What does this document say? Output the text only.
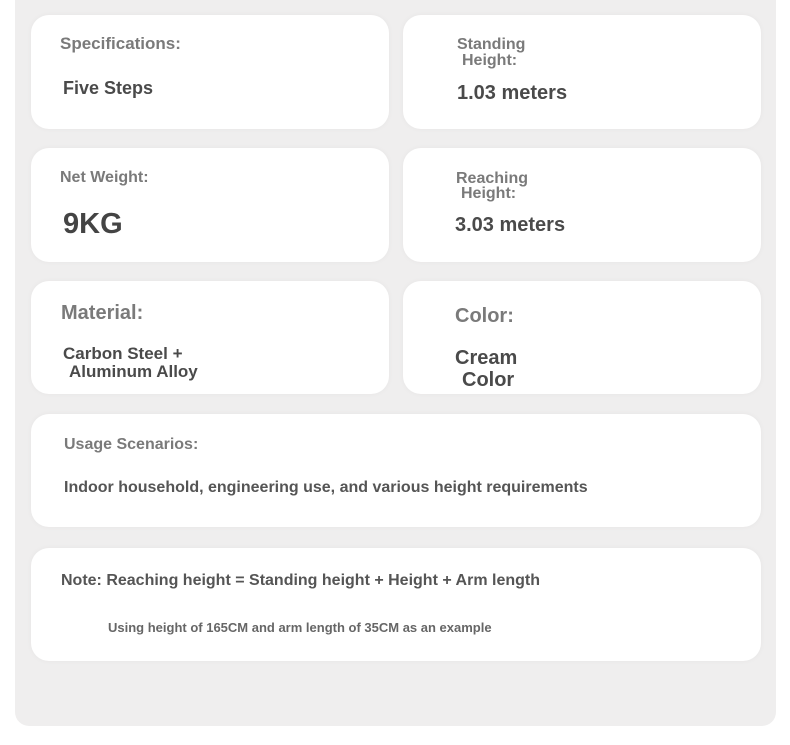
Specifications:
Five Steps
Standing
Height:
1.03 meters
Net Weight:
9KG
Reaching
Height:
3.03 meters
Material:
Carbon Steel +
Aluminum Alloy
Color:
Cream
Color
Usage Scenarios:
Indoor household, engineering use, and various height requirements
Note: Reaching height = Standing height + Height + Arm length
Using height of 165CM and arm length of 35CM as an example
